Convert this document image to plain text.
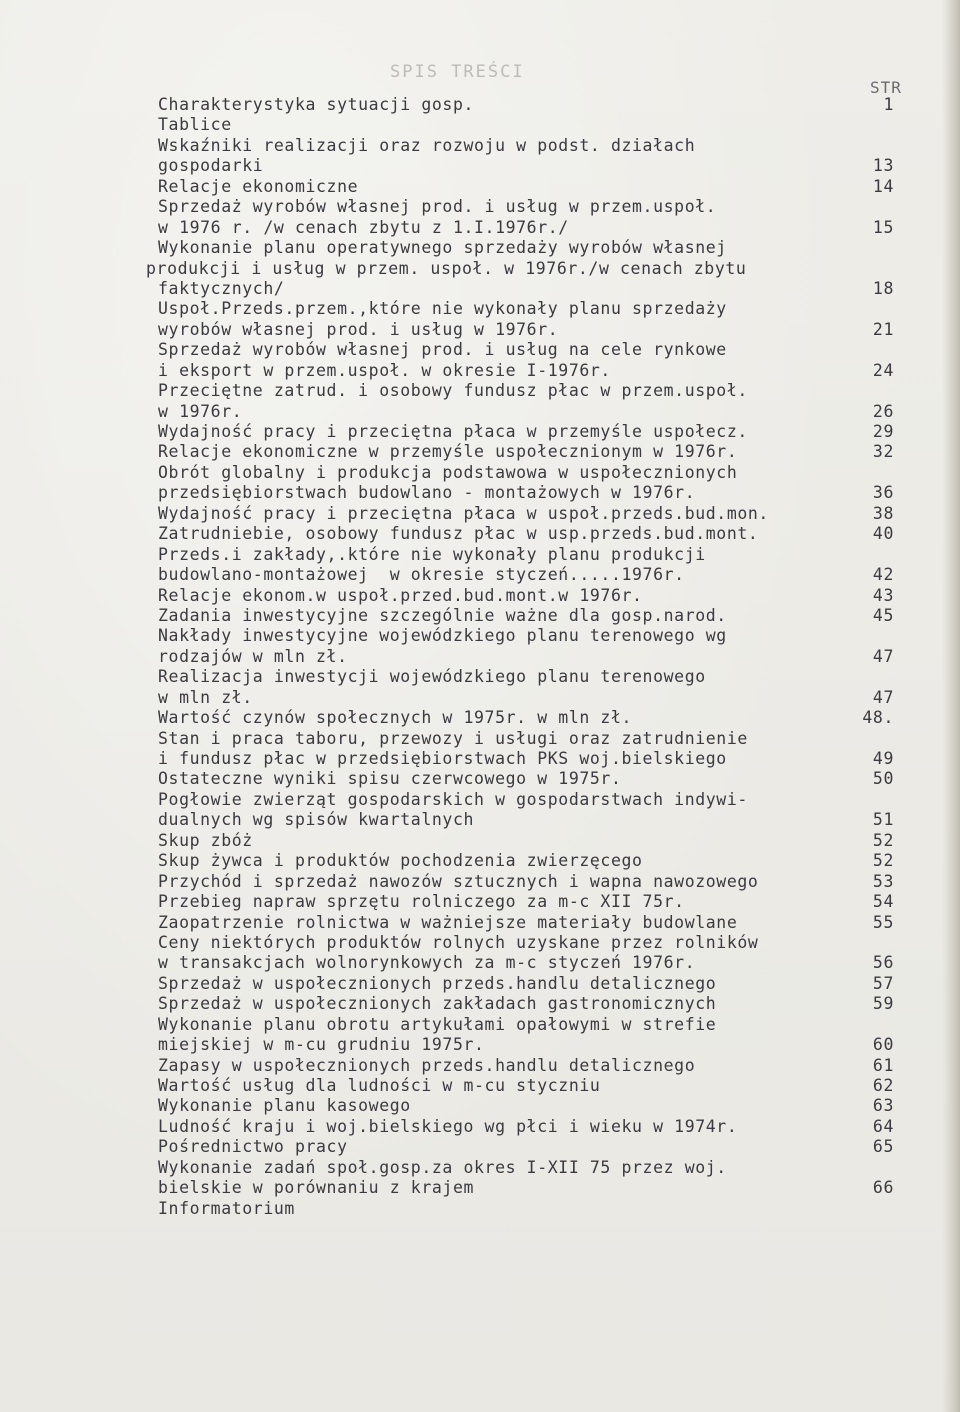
SPIS TREŚCI
STR
Charakterystyka sytuacji gosp.	1
Tablice
Wskaźniki realizacji oraz rozwoju w podst. działach
gospodarki	13
Relacje ekonomiczne	14
Sprzedaż wyrobów własnej prod. i usług w przem.uspoł.
w 1976 r. /w cenach zbytu z 1.I.1976r./	15
Wykonanie planu operatywnego sprzedaży wyrobów własnej
produkcji i usług w przem. uspoł. w 1976r./w cenach zbytu
faktycznych/	18
Uspoł.Przeds.przem.,które nie wykonały planu sprzedaży
wyrobów własnej prod. i usług w 1976r.	21
Sprzedaż wyrobów własnej prod. i usług na cele rynkowe
i eksport w przem.uspoł. w okresie I-1976r.	24
Przeciętne zatrud. i osobowy fundusz płac w przem.uspoł.
w 1976r.	26
Wydajność pracy i przeciętna płaca w przemyśle uspołecz.	29
Relacje ekonomiczne w przemyśle uspołecznionym w 1976r.	32
Obrót globalny i produkcja podstawowa w uspołecznionych
przedsiębiorstwach budowlano - montażowych w 1976r.	36
Wydajność pracy i przeciętna płaca w uspoł.przeds.bud.mon.	38
Zatrudniebie, osobowy fundusz płac w usp.przeds.bud.mont.	40
Przeds.i zakłady,.które nie wykonały planu produkcji
budowlano-montażowej  w okresie styczeń.....1976r.	42
Relacje ekonom.w uspoł.przed.bud.mont.w 1976r.	43
Zadania inwestycyjne szczególnie ważne dla gosp.narod.	45
Nakłady inwestycyjne wojewódzkiego planu terenowego wg
rodzajów w mln zł.	47
Realizacja inwestycji wojewódzkiego planu terenowego
w mln zł.	47
Wartość czynów społecznych w 1975r. w mln zł.	48.
Stan i praca taboru, przewozy i usługi oraz zatrudnienie
i fundusz płac w przedsiębiorstwach PKS woj.bielskiego	49
Ostateczne wyniki spisu czerwcowego w 1975r.	50
Pogłowie zwierząt gospodarskich w gospodarstwach indywi-
dualnych wg spisów kwartalnych	51
Skup zbóż	52
Skup żywca i produktów pochodzenia zwierzęcego	52
Przychód i sprzedaż nawozów sztucznych i wapna nawozowego	53
Przebieg napraw sprzętu rolniczego za m-c XII 75r.	54
Zaopatrzenie rolnictwa w ważniejsze materiały budowlane	55
Ceny niektórych produktów rolnych uzyskane przez rolników
w transakcjach wolnorynkowych za m-c styczeń 1976r.	56
Sprzedaż w uspołecznionych przeds.handlu detalicznego	57
Sprzedaż w uspołecznionych zakładach gastronomicznych	59
Wykonanie planu obrotu artykułami opałowymi w strefie
miejskiej w m-cu grudniu 1975r.	60
Zapasy w uspołecznionych przeds.handlu detalicznego	61
Wartość usług dla ludności w m-cu styczniu	62
Wykonanie planu kasowego	63
Ludność kraju i woj.bielskiego wg płci i wieku w 1974r.	64
Pośrednictwo pracy	65
Wykonanie zadań społ.gosp.za okres I-XII 75 przez woj.
bielskie w porównaniu z krajem	66
Informatorium
